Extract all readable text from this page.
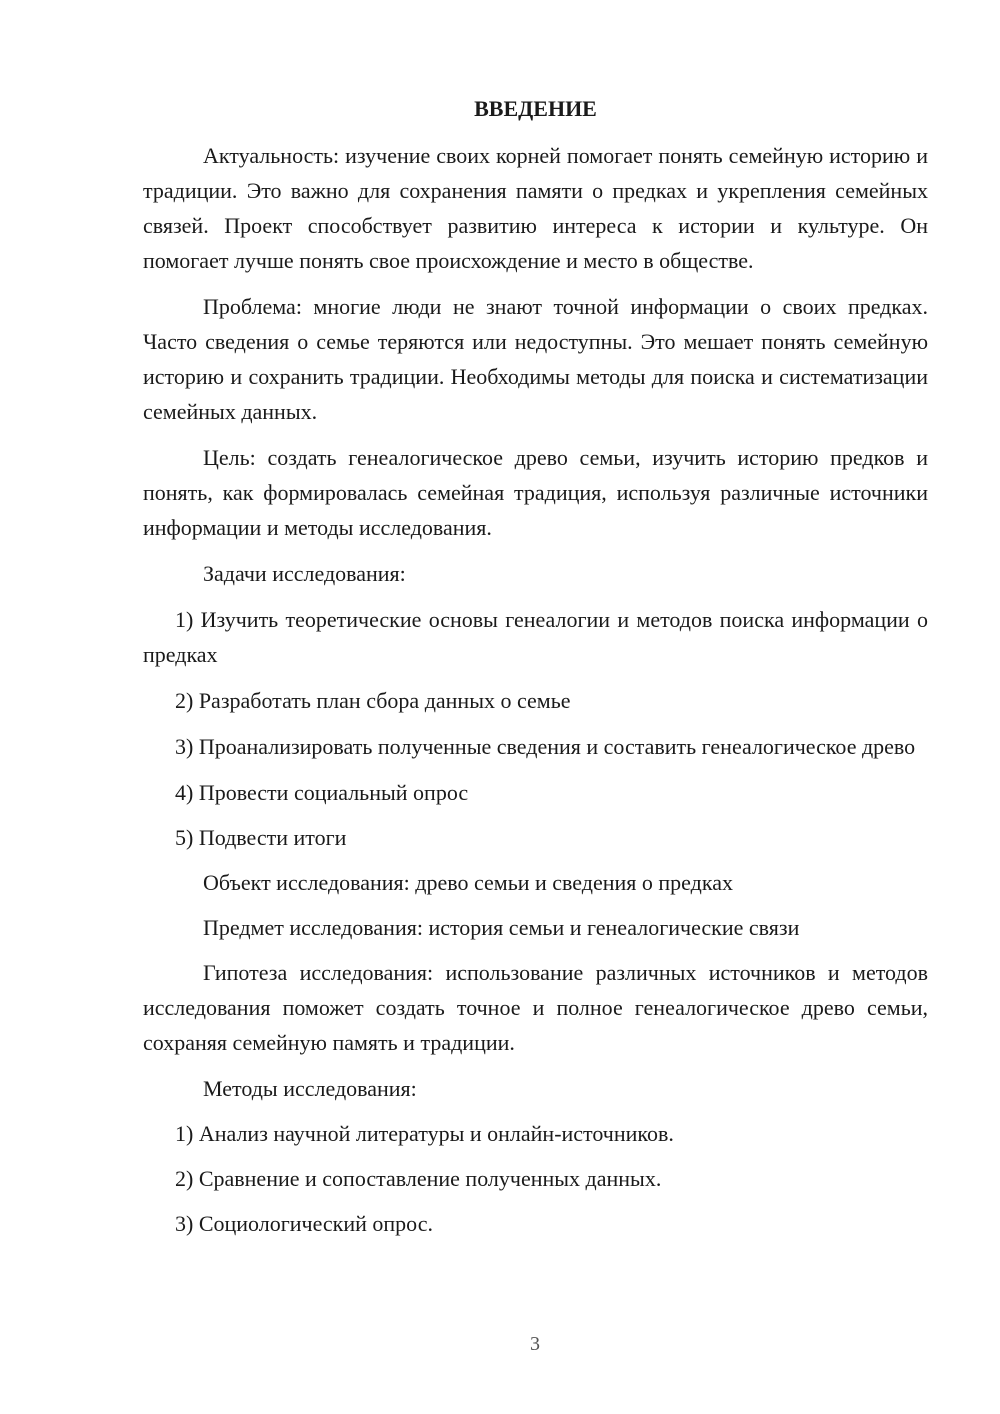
ВВЕДЕНИЕ

Актуальность: изучение своих корней помогает понять семейную историю и традиции. Это важно для сохранения памяти о предках и укрепления семейных связей. Проект способствует развитию интереса к истории и культуре. Он помогает лучше понять свое происхождение и место в обществе.

Проблема: многие люди не знают точной информации о своих предках. Часто сведения о семье теряются или недоступны. Это мешает понять семейную историю и сохранить традиции. Необходимы методы для поиска и систематизации семейных данных.

Цель: создать генеалогическое древо семьи, изучить историю предков и понять, как формировалась семейная традиция, используя различные источники информации и методы исследования.

Задачи исследования:

1) Изучить теоретические основы генеалогии и методов поиска информации о предках

2) Разработать план сбора данных о семье

3) Проанализировать полученные сведения и составить генеалогическое древо

4) Провести социальный опрос

5) Подвести итоги

Объект исследования: древо семьи и сведения о предках

Предмет исследования: история семьи и генеалогические связи

Гипотеза исследования: использование различных источников и методов исследования поможет создать точное и полное генеалогическое древо семьи, сохраняя семейную память и традиции.

Методы исследования:

1) Анализ научной литературы и онлайн-источников.

2) Сравнение и сопоставление полученных данных.

3) Социологический опрос.

3
